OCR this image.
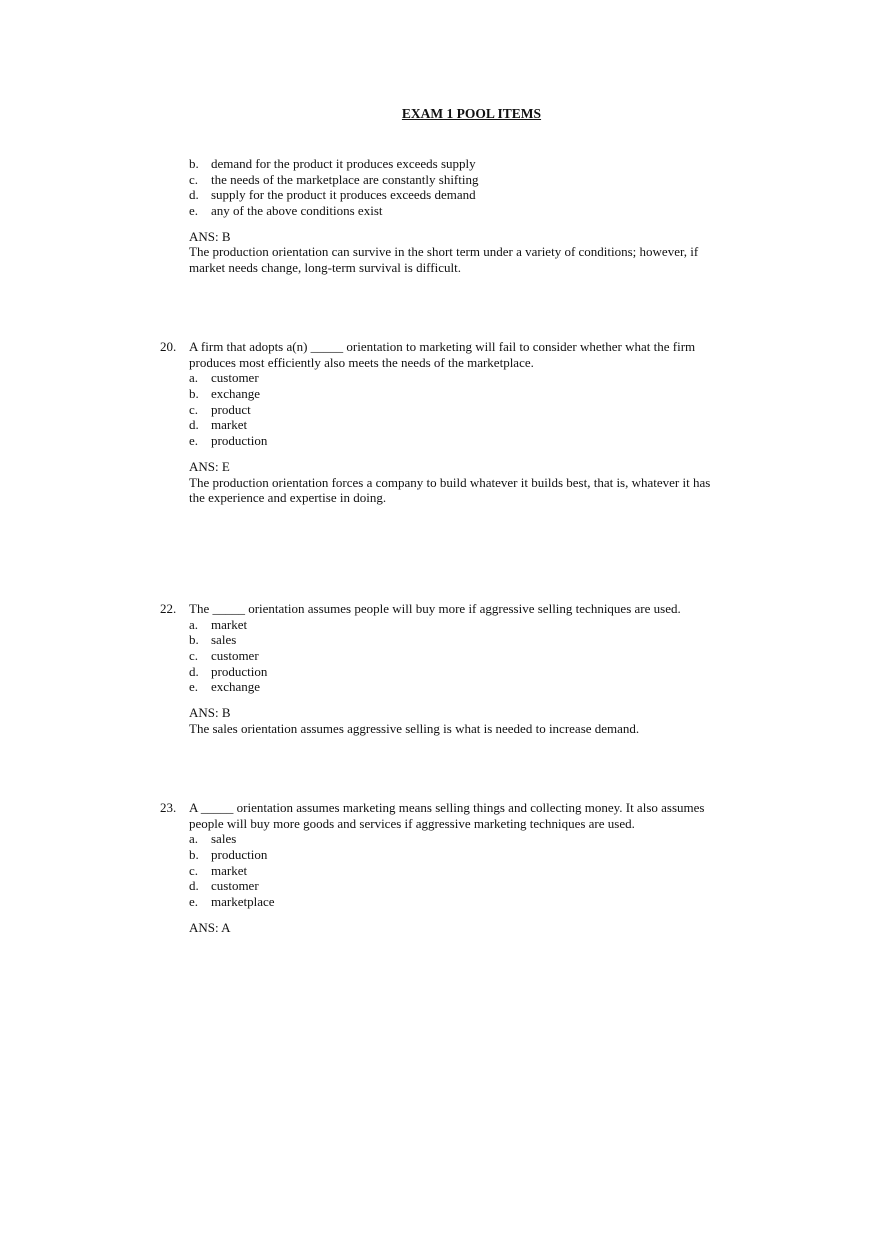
EXAM 1 POOL ITEMS
b. demand for the product it produces exceeds supply
c. the needs of the marketplace are constantly shifting
d. supply for the product it produces exceeds demand
e. any of the above conditions exist
ANS: B
The production orientation can survive in the short term under a variety of conditions; however, if
market needs change, long-term survival is difficult.
20. A firm that adopts a(n) _____ orientation to marketing will fail to consider whether what the firm
produces most efficiently also meets the needs of the marketplace.
a. customer
b. exchange
c. product
d. market
e. production
ANS: E
The production orientation forces a company to build whatever it builds best, that is, whatever it has
the experience and expertise in doing.
22. The _____ orientation assumes people will buy more if aggressive selling techniques are used.
a. market
b. sales
c. customer
d. production
e. exchange
ANS: B
The sales orientation assumes aggressive selling is what is needed to increase demand.
23. A _____ orientation assumes marketing means selling things and collecting money. It also assumes
people will buy more goods and services if aggressive marketing techniques are used.
a. sales
b. production
c. market
d. customer
e. marketplace
ANS: A
